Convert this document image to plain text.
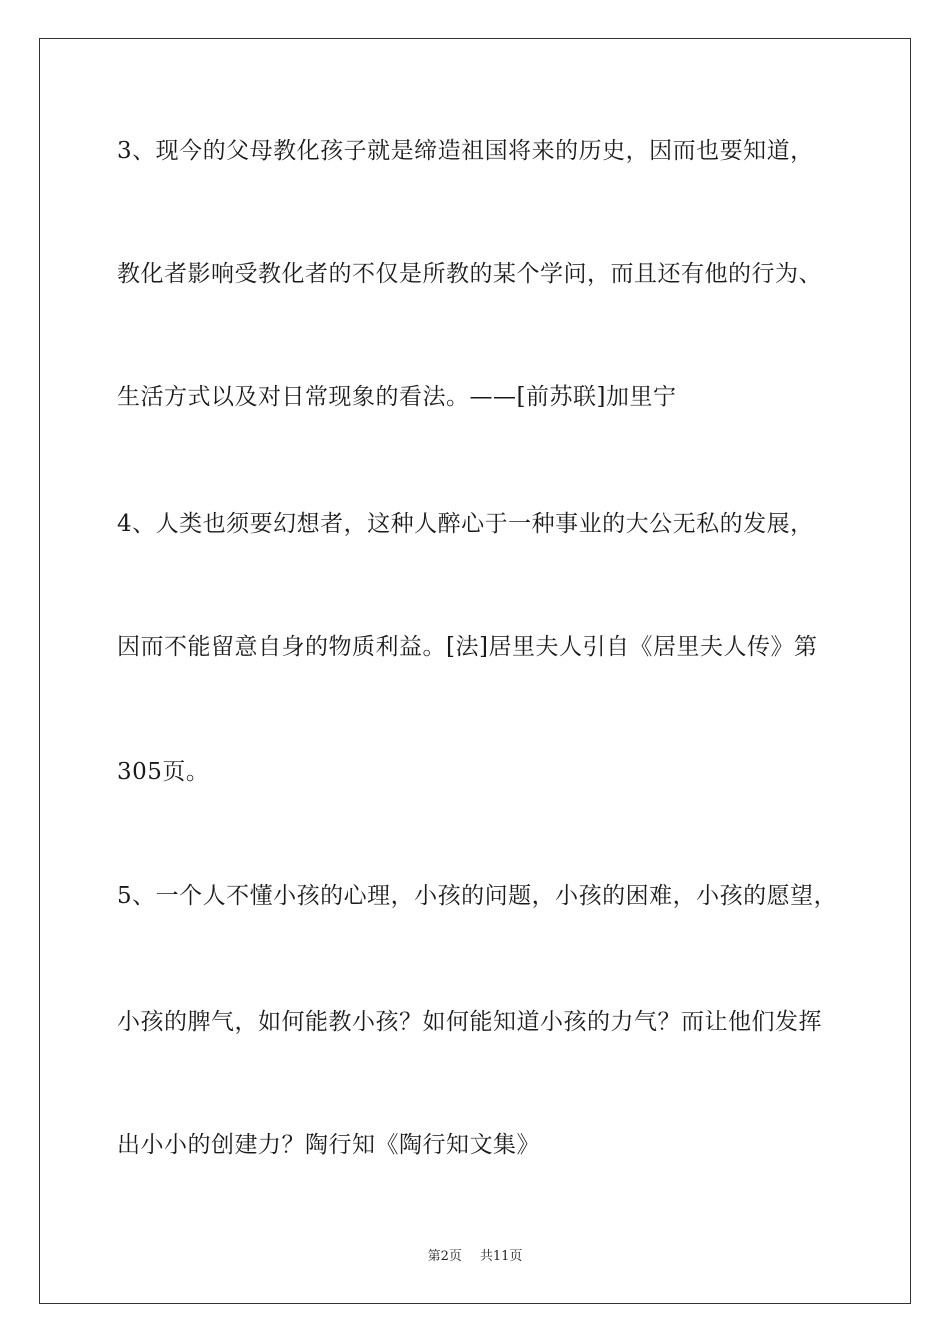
3、现今的父母教化孩子就是缔造祖国将来的历史，因而也要知道，
教化者影响受教化者的不仅是所教的某个学问，而且还有他的行为、
生活方式以及对日常现象的看法。——[前苏联]加里宁
4、人类也须要幻想者，这种人醉心于一种事业的大公无私的发展，
因而不能留意自身的物质利益。[法]居里夫人引自《居里夫人传》第
305页。
5、一个人不懂小孩的心理，小孩的问题，小孩的困难，小孩的愿望，
小孩的脾气，如何能教小孩？如何能知道小孩的力气？而让他们发挥
出小小的创建力？陶行知《陶行知文集》
第2页 共11页
